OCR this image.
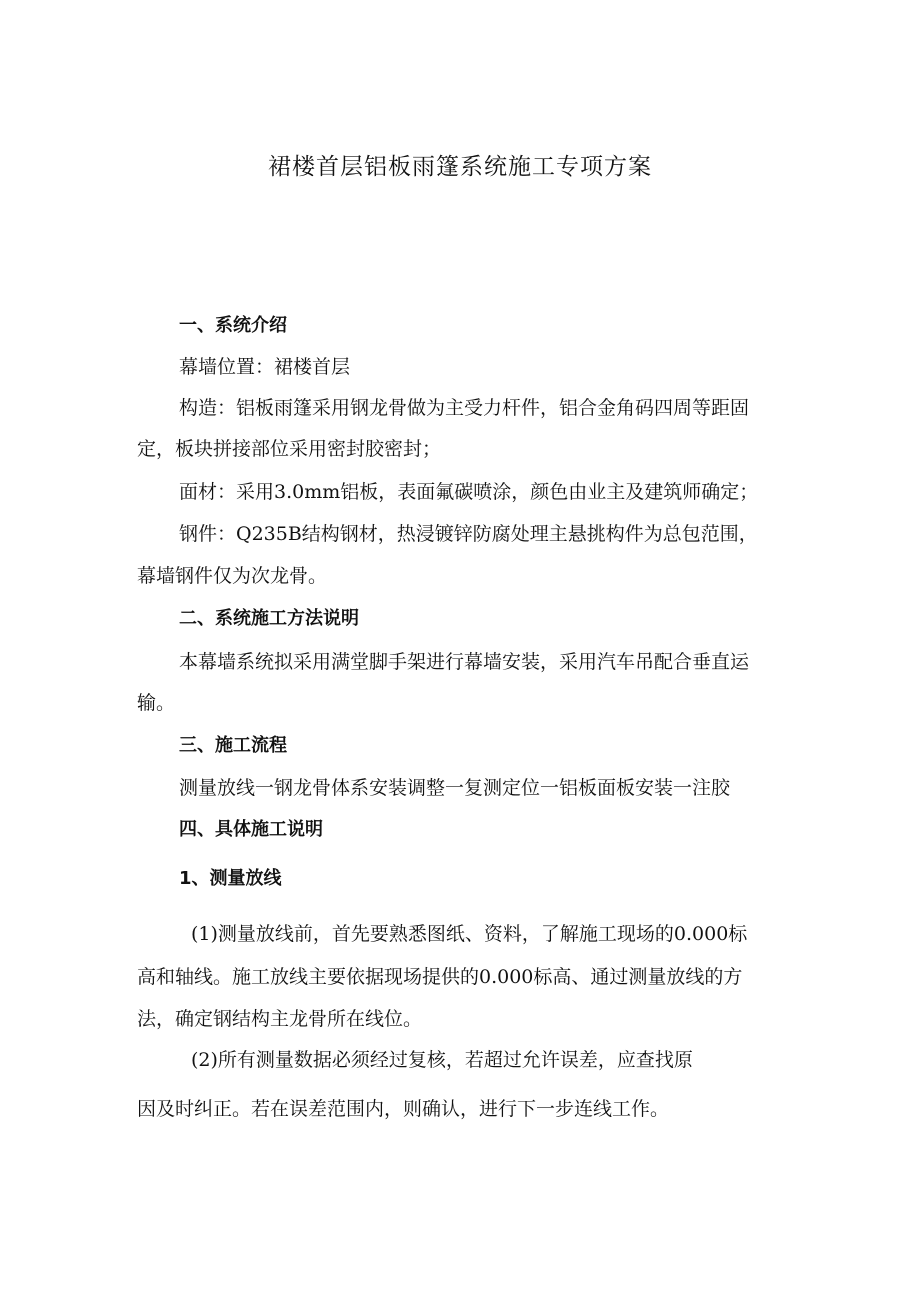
裙楼首层铝板雨篷系统施工专项方案

一、系统介绍

幕墙位置：裙楼首层

构造：铝板雨篷采用钢龙骨做为主受力杆件，铝合金角码四周等距固

定，板块拼接部位采用密封胶密封；

面材：采用3.0mm铝板，表面氟碳喷涂，颜色由业主及建筑师确定；

钢件：Q235B结构钢材，热浸镀锌防腐处理主悬挑构件为总包范围，

幕墙钢件仅为次龙骨。

二、系统施工方法说明

本幕墙系统拟采用满堂脚手架进行幕墙安装，采用汽车吊配合垂直运

输。

三、施工流程

测量放线一钢龙骨体系安装调整一复测定位一铝板面板安装一注胶

四、具体施工说明

1、测量放线

(1)测量放线前，首先要熟悉图纸、资料，了解施工现场的0.000标

高和轴线。施工放线主要依据现场提供的0.000标高、通过测量放线的方

法，确定钢结构主龙骨所在线位。

(2)所有测量数据必须经过复核，若超过允许误差，应查找原

因及时纠正。若在误差范围内，则确认，进行下一步连线工作。
